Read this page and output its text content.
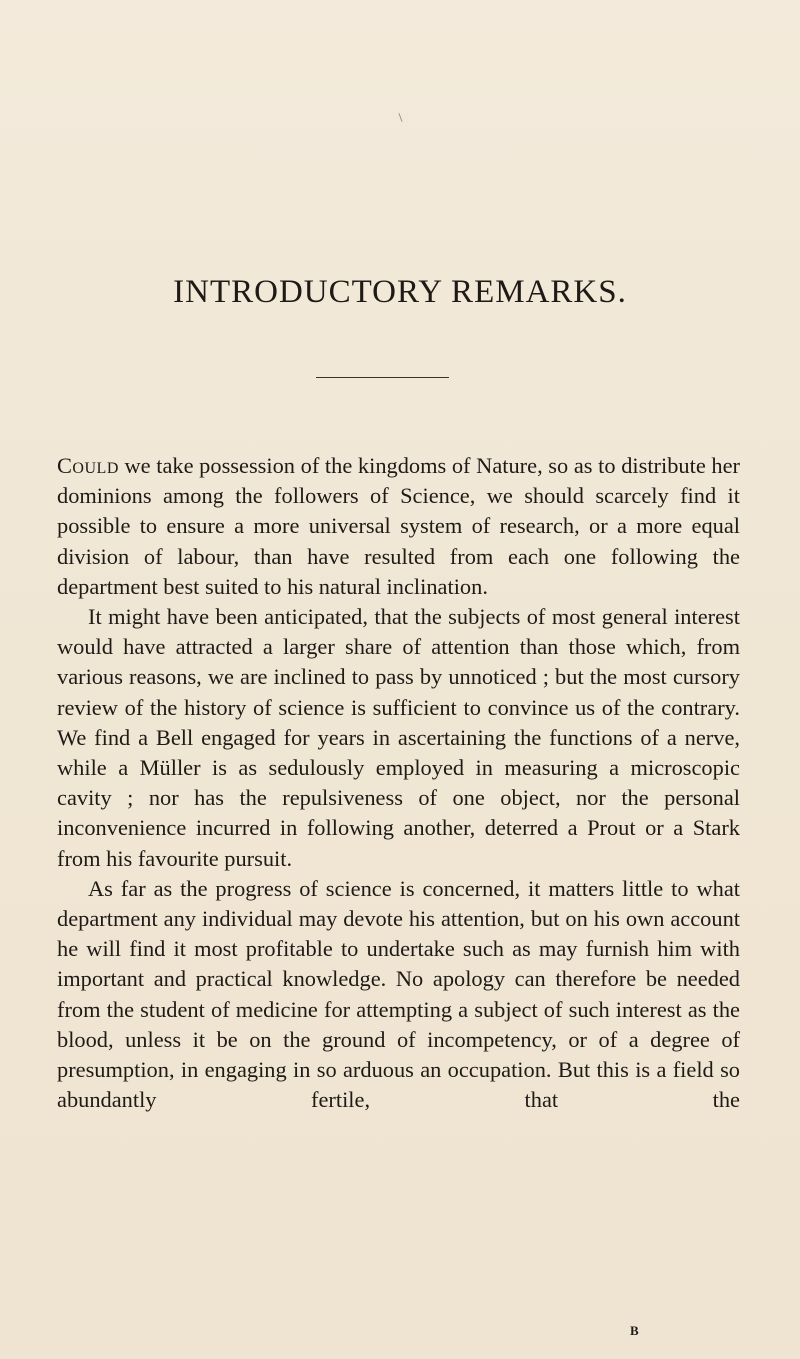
INTRODUCTORY REMARKS.

Could we take possession of the kingdoms of Nature, so as to distribute her dominions among the followers of Science, we should scarcely find it possible to ensure a more universal system of research, or a more equal division of labour, than have resulted from each one following the department best suited to his natural inclination.

It might have been anticipated, that the subjects of most general interest would have attracted a larger share of attention than those which, from various reasons, we are inclined to pass by unnoticed ; but the most cursory review of the history of science is sufficient to convince us of the contrary. We find a Bell engaged for years in ascertaining the functions of a nerve, while a Müller is as sedulously employed in measuring a microscopic cavity ; nor has the repulsiveness of one object, nor the personal inconvenience incurred in following another, deterred a Prout or a Stark from his favourite pursuit.

As far as the progress of science is concerned, it matters little to what department any individual may devote his attention, but on his own account he will find it most profitable to undertake such as may furnish him with important and practical knowledge. No apology can therefore be needed from the student of medicine for attempting a subject of such interest as the blood, unless it be on the ground of incompetency, or of a degree of presumption, in engaging in so arduous an occupation. But this is a field so abundantly fertile, that the

B
